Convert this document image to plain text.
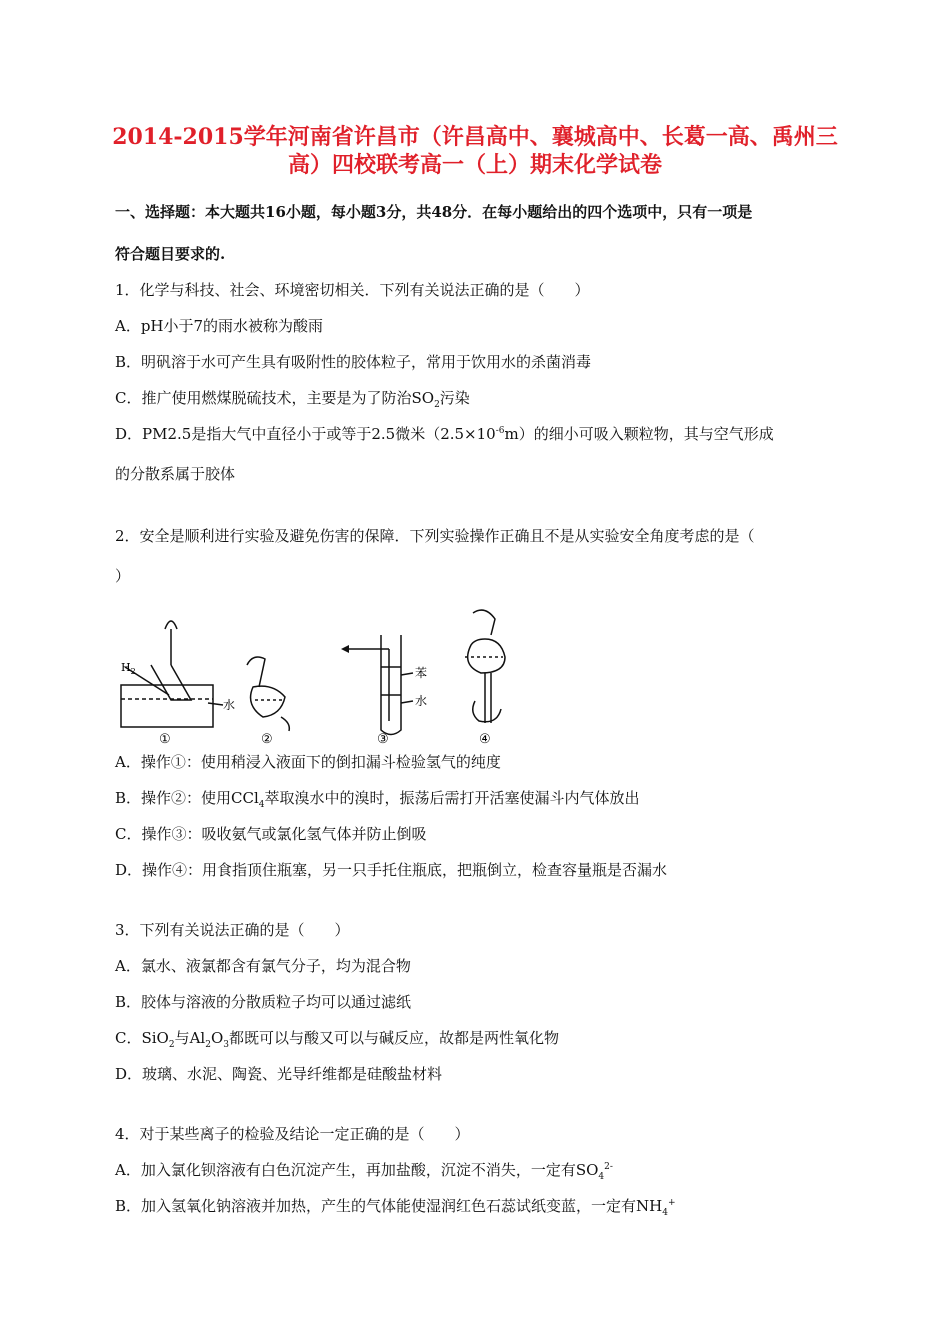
2014-2015学年河南省许昌市（许昌高中、襄城高中、长葛一高、禹州三
高）四校联考高一（上）期末化学试卷
一、选择题：本大题共16小题，每小题3分，共48分．在每小题给出的四个选项中，只有一项是
符合题目要求的.
1．化学与科技、社会、环境密切相关．下列有关说法正确的是（　　）
A．pH小于7的雨水被称为酸雨
B．明矾溶于水可产生具有吸附性的胶体粒子，常用于饮用水的杀菌消毒
C．推广使用燃煤脱硫技术，主要是为了防治$SO_2$污染
D．PM2.5是指大气中直径小于或等于2.5微米$(2.5\times 10^{-6}m)$的细小可吸入颗粒物，其与空气形成
的分散系属于胶体
2．安全是顺利进行实验及避免伤害的保障．下列实验操作正确且不是从实验安全角度考虑的是（
）
$H_2$
水
苯
水
①	②	③	④
A．操作①：使用稍浸入液面下的倒扣漏斗检验氢气的纯度
B．操作②：使用CCl$_4$萃取溴水中的溴时，振荡后需打开活塞使漏斗内气体放出
C．操作③：吸收氨气或氯化氢气体并防止倒吸
D．操作④：用食指顶住瓶塞，另一只手托住瓶底，把瓶倒立，检查容量瓶是否漏水
3．下列有关说法正确的是（　　）
A．氯水、液氯都含有氯气分子，均为混合物
B．胶体与溶液的分散质粒子均可以通过滤纸
C．SiO$_2$与$Al_2O_3$都既可以与酸又可以与碱反应，故都是两性氧化物
D．玻璃、水泥、陶瓷、光导纤维都是硅酸盐材料
4．对于某些离子的检验及结论一定正确的是（　　）
A．加入氯化钡溶液有白色沉淀产生，再加盐酸，沉淀不消失，一定有$SO_4^{2-}$
B．加入氢氧化钠溶液并加热，产生的气体能使湿润红色石蕊试纸变蓝，一定有$NH_4^+$
